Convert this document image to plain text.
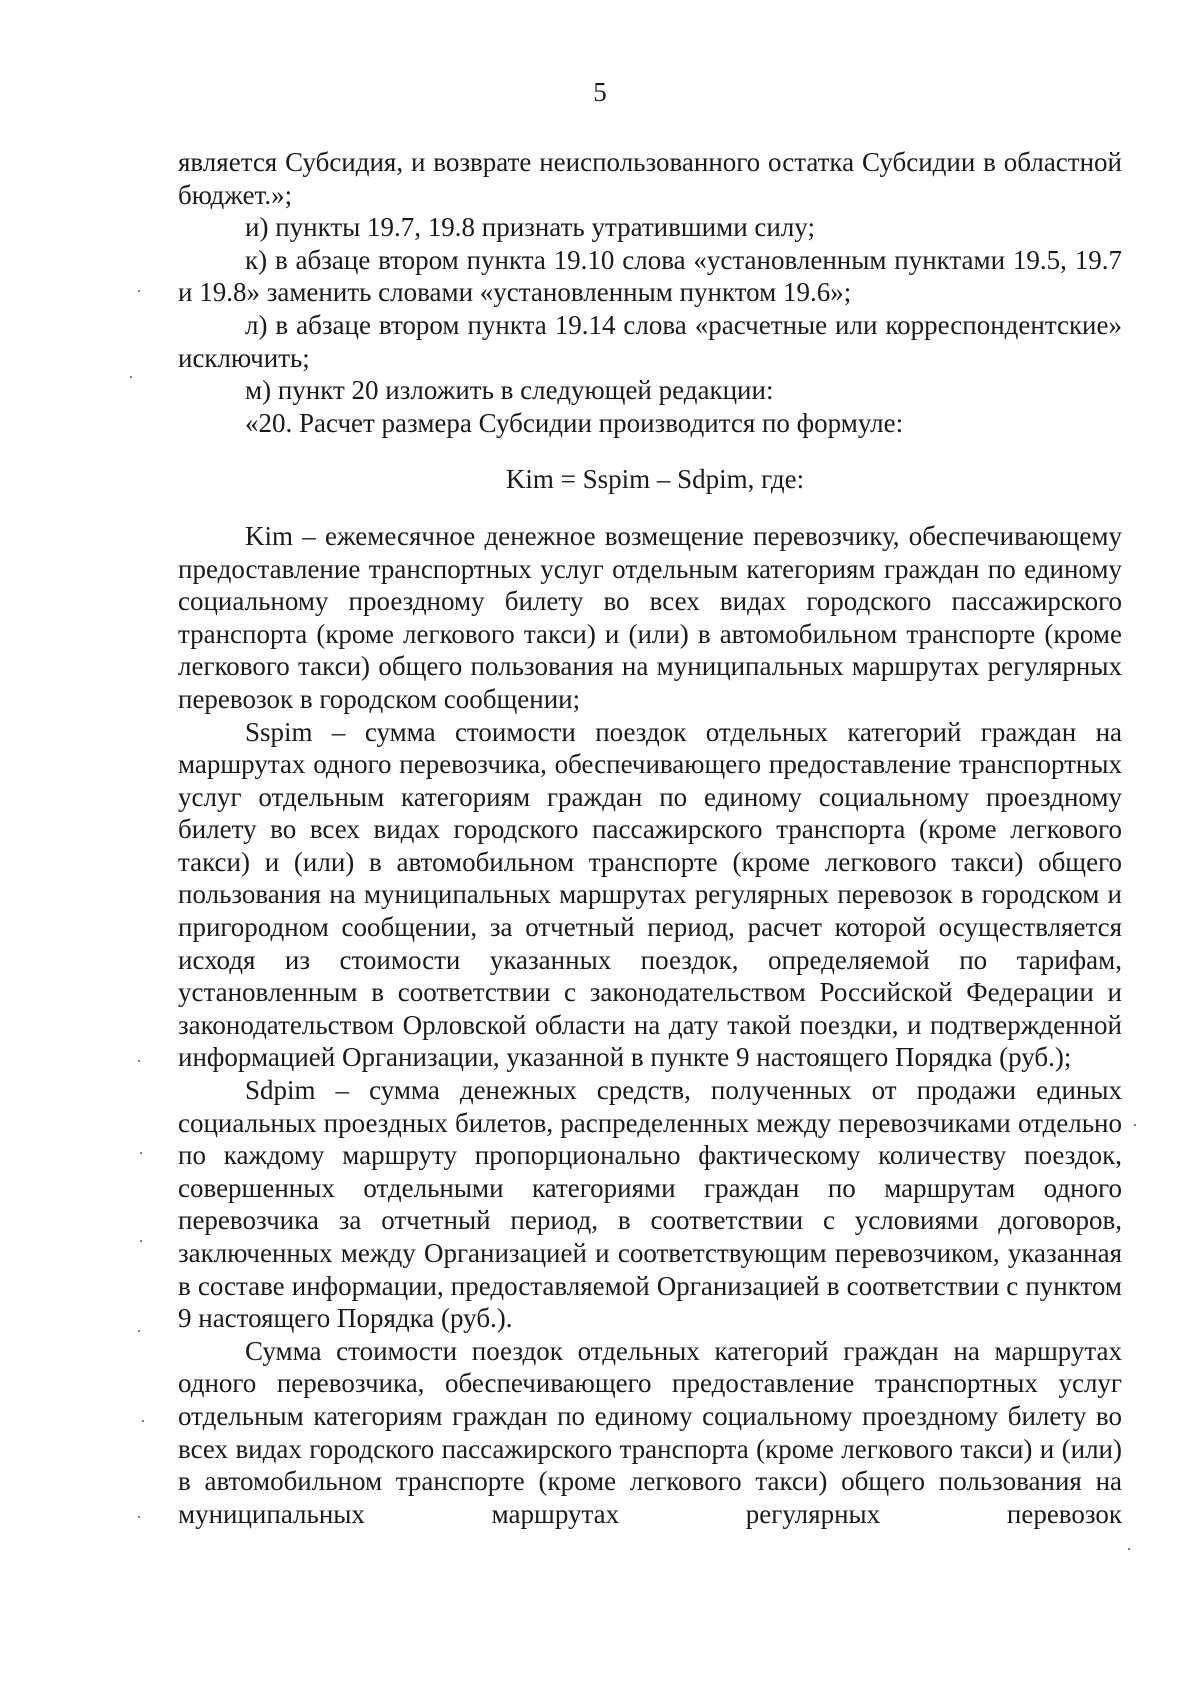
5

является Субсидия, и возврате неиспользованного остатка Субсидии в областной бюджет.»;

и) пункты 19.7, 19.8 признать утратившими силу;

к) в абзаце втором пункта 19.10 слова «установленным пунктами 19.5, 19.7 и 19.8» заменить словами «установленным пунктом 19.6»;

л) в абзаце втором пункта 19.14 слова «расчетные или корреспондентские» исключить;

м) пункт 20 изложить в следующей редакции:

«20. Расчет размера Субсидии производится по формуле:

Kim = Sspim – Sdpim, где:

Kim – ежемесячное денежное возмещение перевозчику, обеспечивающему предоставление транспортных услуг отдельным категориям граждан по единому социальному проездному билету во всех видах городского пассажирского транспорта (кроме легкового такси) и (или) в автомобильном транспорте (кроме легкового такси) общего пользования на муниципальных маршрутах регулярных перевозок в городском сообщении;

Sspim – сумма стоимости поездок отдельных категорий граждан на маршрутах одного перевозчика, обеспечивающего предоставление транспортных услуг отдельным категориям граждан по единому социальному проездному билету во всех видах городского пассажирского транспорта (кроме легкового такси) и (или) в автомобильном транспорте (кроме легкового такси) общего пользования на муниципальных маршрутах регулярных перевозок в городском и пригородном сообщении, за отчетный период, расчет которой осуществляется исходя из стоимости указанных поездок, определяемой по тарифам, установленным в соответствии с законодательством Российской Федерации и законодательством Орловской области на дату такой поездки, и подтвержденной информацией Организации, указанной в пункте 9 настоящего Порядка (руб.);

Sdpim – сумма денежных средств, полученных от продажи единых социальных проездных билетов, распределенных между перевозчиками отдельно по каждому маршруту пропорционально фактическому количеству поездок, совершенных отдельными категориями граждан по маршрутам одного перевозчика за отчетный период, в соответствии с условиями договоров, заключенных между Организацией и соответствующим перевозчиком, указанная в составе информации, предоставляемой Организацией в соответствии с пунктом 9 настоящего Порядка (руб.).

Сумма стоимости поездок отдельных категорий граждан на маршрутах одного перевозчика, обеспечивающего предоставление транспортных услуг отдельным категориям граждан по единому социальному проездному билету во всех видах городского пассажирского транспорта (кроме легкового такси) и (или) в автомобильном транспорте (кроме легкового такси) общего пользования на муниципальных маршрутах регулярных перевозок
